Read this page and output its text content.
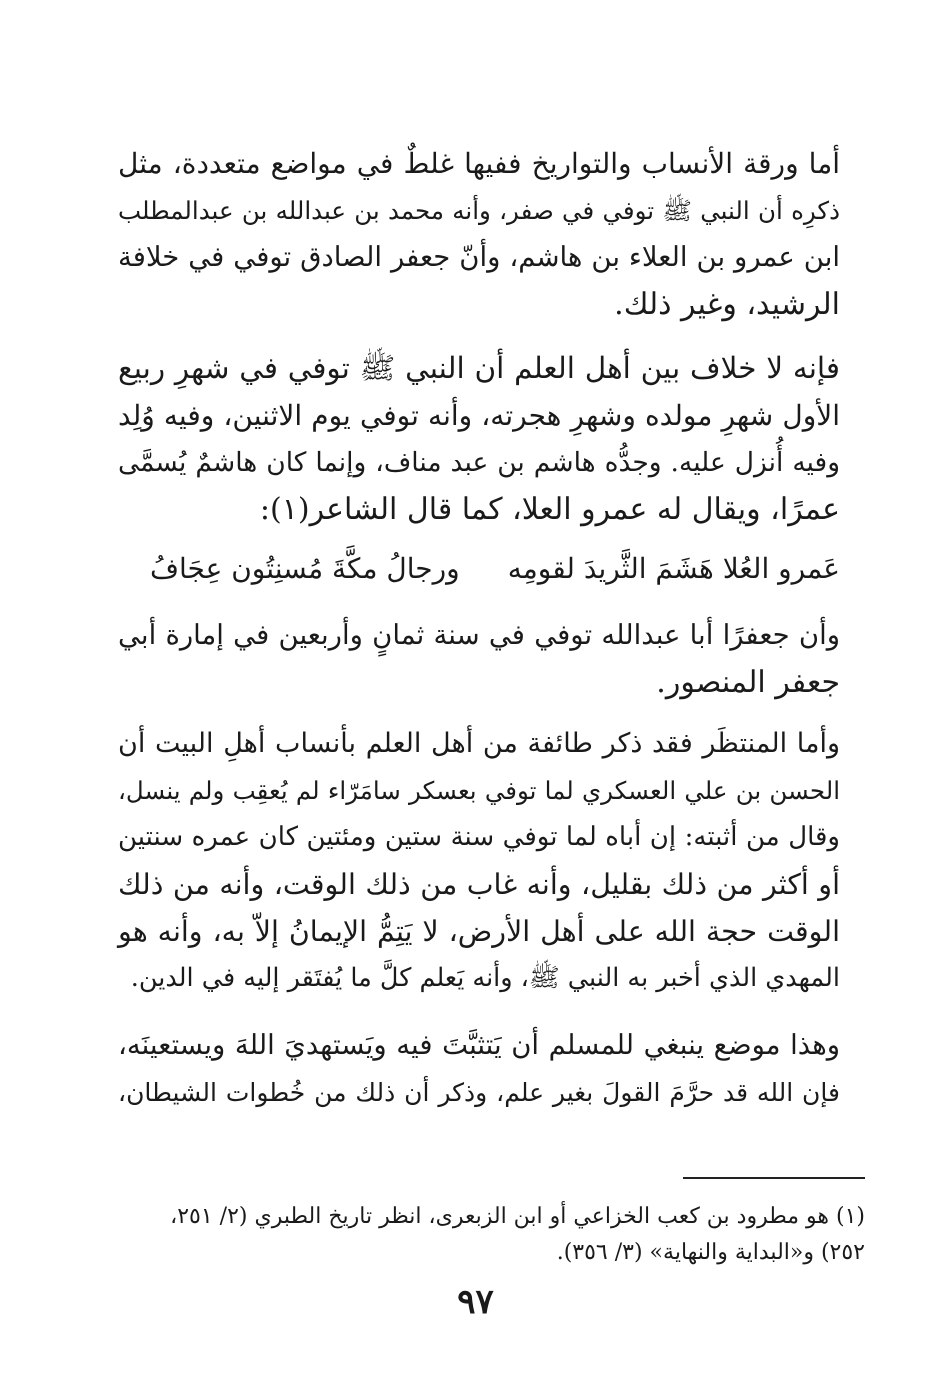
أما ورقة الأنساب والتواريخ ففيها غلطٌ في مواضع متعددة، مثل
ذكرِه أن النبي ﷺ توفي في صفر، وأنه محمد بن عبدالله بن عبدالمطلب
ابن عمرو بن العلاء بن هاشم، وأنّ جعفر الصادق توفي في خلافة
الرشيد، وغير ذلك.
فإنه لا خلاف بين أهل العلم أن النبي ﷺ توفي في شهرِ ربيع
الأول شهرِ مولده وشهرِ هجرته، وأنه توفي يوم الاثنين، وفيه وُلِد
وفيه أُنزل عليه. وجدُّه هاشم بن عبد مناف، وإنما كان هاشمٌ يُسمَّى
عمرًا، ويقال له عمرو العلا، كما قال الشاعر(١):
عَمرو العُلا هَشَمَ الثَّريدَ لقومِه
ورجالُ مكَّةَ مُسنِتُون عِجَافُ
وأن جعفرًا أبا عبدالله توفي في سنة ثمانٍ وأربعين في إمارة أبي
جعفر المنصور.
وأما المنتظَر فقد ذكر طائفة من أهل العلم بأنساب أهلِ البيت أن
الحسن بن علي العسكري لما توفي بعسكر سامَرّاء لم يُعقِب ولم ينسل،
وقال من أثبته: إن أباه لما توفي سنة ستين ومئتين كان عمره سنتين
أو أكثر من ذلك بقليل، وأنه غاب من ذلك الوقت، وأنه من ذلك
الوقت حجة الله على أهل الأرض، لا يَتِمُّ الإيمانُ إلاّ به، وأنه هو
المهدي الذي أخبر به النبي ﷺ، وأنه يَعلم كلَّ ما يُفتَقر إليه في الدين.
وهذا موضع ينبغي للمسلم أن يَتثبَّتَ فيه ويَستهديَ اللهَ ويستعينَه،
فإن الله قد حرَّمَ القولَ بغير علم، وذكر أن ذلك من خُطوات الشيطان،
(١) هو مطرود بن كعب الخزاعي أو ابن الزبعرى، انظر تاريخ الطبري (٢/ ٢٥١،
٢٥٢) و«البداية والنهاية» (٣/ ٣٥٦).
٩٧
